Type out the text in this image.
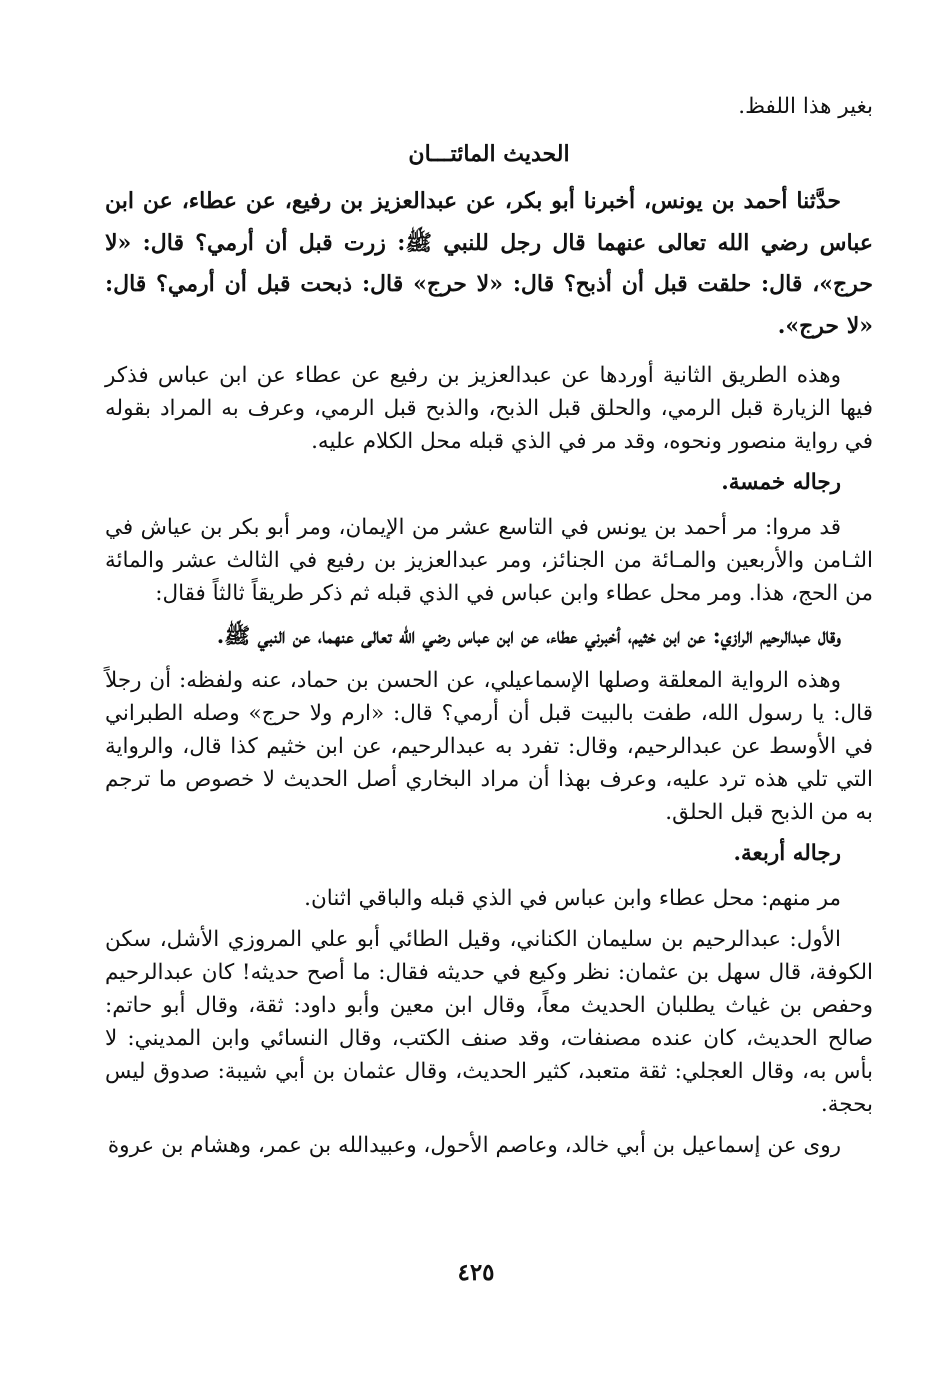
بغير هذا اللفظ.

الحديث المائتـــان

حدَّثنا أحمد بن يونس، أخبرنا أبو بكر، عن عبدالعزيز بن رفيع، عن عطاء، عن ابن عباس رضي الله تعالى عنهما قال رجل للنبي ﷺ: زرت قبل أن أرمي؟ قال: «لا حرج»، قال: حلقت قبل أن أذبح؟ قال: «لا حرج» قال: ذبحت قبل أن أرمي؟ قال: «لا حرج».

وهذه الطريق الثانية أوردها عن عبدالعزيز بن رفيع عن عطاء عن ابن عباس فذكر فيها الزيارة قبل الرمي، والحلق قبل الذبح، والذبح قبل الرمي، وعرف به المراد بقوله في رواية منصور ونحوه، وقد مر في الذي قبله محل الكلام عليه.

رجاله خمسة.

قد مروا: مر أحمد بن يونس في التاسع عشر من الإيمان، ومر أبو بكر بن عياش في الثـامن والأربعين والمـائة من الجنائز، ومر عبدالعزيز بن رفيع في الثالث عشر والمائة من الحج، هذا. ومر محل عطاء وابن عباس في الذي قبله ثم ذكر طريقاً ثالثاً فقال:

وقال عبدالرحيم الرازي: عن ابن خثيم، أخبرني عطاء، عن ابن عباس رضي الله تعالى عنهما، عن النبي ﷺ.

وهذه الرواية المعلقة وصلها الإسماعيلي، عن الحسن بن حماد، عنه ولفظه: أن رجلاً قال: يا رسول الله، طفت بالبيت قبل أن أرمي؟ قال: «ارم ولا حرج» وصله الطبراني في الأوسط عن عبدالرحيم، وقال: تفرد به عبدالرحيم، عن ابن خثيم كذا قال، والرواية التي تلي هذه ترد عليه، وعرف بهذا أن مراد البخاري أصل الحديث لا خصوص ما ترجم به من الذبح قبل الحلق.

رجاله أربعة.

مر منهم: محل عطاء وابن عباس في الذي قبله والباقي اثنان.

الأول: عبدالرحيم بن سليمان الكناني، وقيل الطائي أبو علي المروزي الأشل، سكن الكوفة، قال سهل بن عثمان: نظر وكيع في حديثه فقال: ما أصح حديثه! كان عبدالرحيم وحفص بن غياث يطلبان الحديث معاً، وقال ابن معين وأبو داود: ثقة، وقال أبو حاتم: صالح الحديث، كان عنده مصنفات، وقد صنف الكتب، وقال النسائي وابن المديني: لا بأس به، وقال العجلي: ثقة متعبد، كثير الحديث، وقال عثمان بن أبي شيبة: صدوق ليس بحجة.

روى عن إسماعيل بن أبي خالد، وعاصم الأحول، وعبيدالله بن عمر، وهشام بن عروة

٤٢٥
